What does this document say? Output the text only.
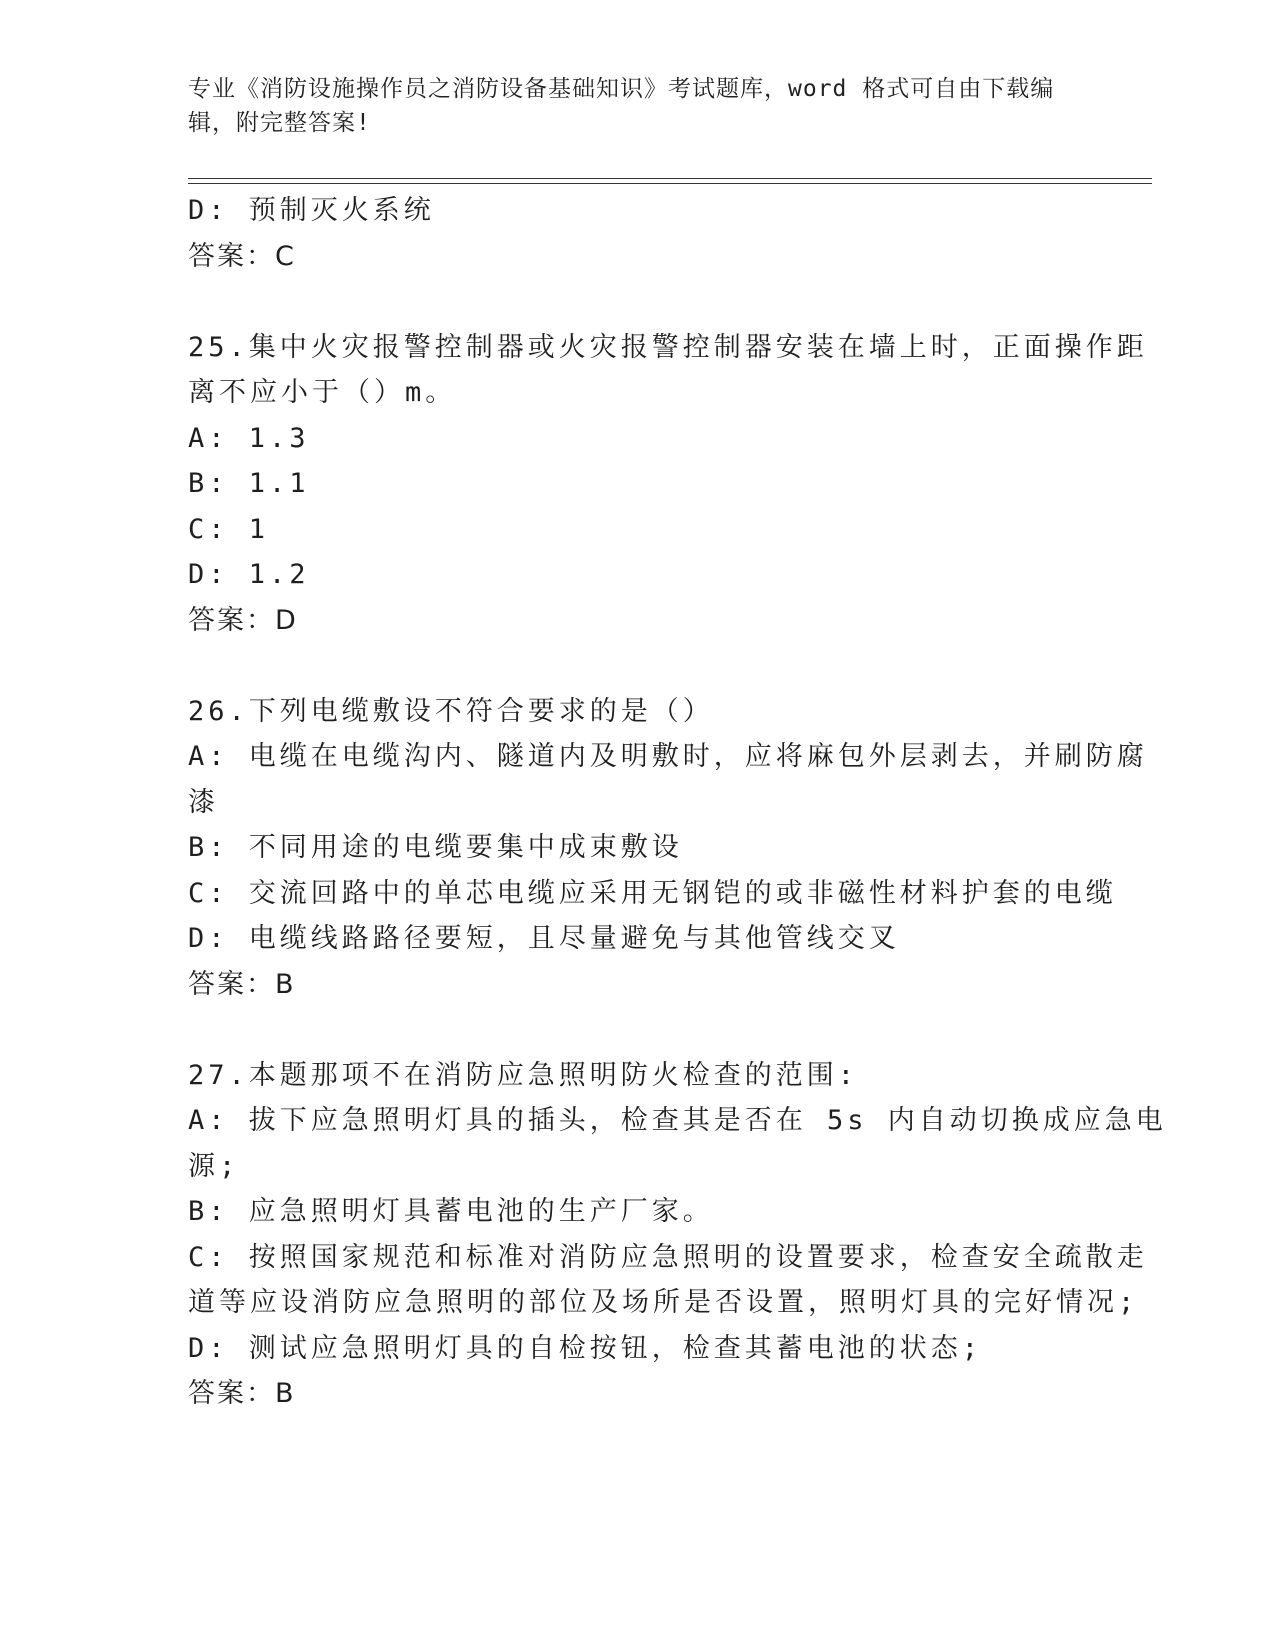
专业《消防设施操作员之消防设备基础知识》考试题库，word 格式可自由下载编
辑，附完整答案!
D: 预制灭火系统
答案：C
25.集中火灾报警控制器或火灾报警控制器安装在墙上时，正面操作距
离不应小于（）m。
A: 1.3
B: 1.1
C: 1
D: 1.2
答案：D
26.下列电缆敷设不符合要求的是（）
A: 电缆在电缆沟内、隧道内及明敷时，应将麻包外层剥去，并刷防腐
漆
B: 不同用途的电缆要集中成束敷设
C: 交流回路中的单芯电缆应采用无钢铠的或非磁性材料护套的电缆
D: 电缆线路路径要短，且尽量避免与其他管线交叉
答案：B
27.本题那项不在消防应急照明防火检查的范围:
A: 拔下应急照明灯具的插头，检查其是否在 5s 内自动切换成应急电
源;
B: 应急照明灯具蓄电池的生产厂家。
C: 按照国家规范和标准对消防应急照明的设置要求，检查安全疏散走
道等应设消防应急照明的部位及场所是否设置，照明灯具的完好情况;
D: 测试应急照明灯具的自检按钮，检查其蓄电池的状态;
答案：B
